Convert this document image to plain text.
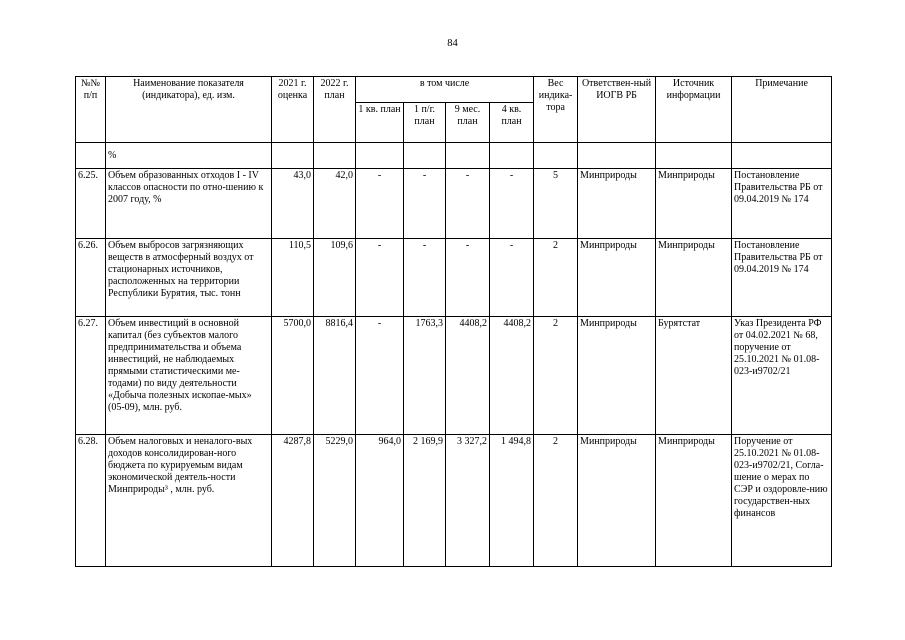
84
№№ п/п	Наименование показателя (индикатора), ед. изм.	2021 г. оценка	2022 г. план	в том числе				Вес индика-тора	Ответствен-ный ИОГВ РБ	Источник информации	Примечание
				1 кв. план	1 п/г. план	9 мес. план	4 кв. план				
	%										
6.25.	Объем образованных отходов I - IV классов опасности по отно-шению к 2007 году, %	43,0	42,0	-	-	-	-	5	Минприроды	Минприроды	Постановление Правительства РБ от 09.04.2019 № 174
6.26.	Объем выбросов загрязняющих веществ в атмосферный воздух от стационарных источников, расположенных на территории Республики Бурятия, тыс. тонн	110,5	109,6	-	-	-	-	2	Минприроды	Минприроды	Постановление Правительства РБ от 09.04.2019 № 174
6.27.	Объем инвестиций в основной капитал (без субъектов малого предпринимательства и объема инвестиций, не наблюдаемых прямыми статистическими ме-тодами) по виду деятельности «Добыча полезных ископае-мых» (05-09), млн. руб.	5700,0	8816,4	-	1763,3	4408,2	4408,2	2	Минприроды	Бурятстат	Указ Президента РФ от 04.02.2021 № 68, поручение от 25.10.2021 № 01.08-023-и9702/21
6.28.	Объем налоговых и неналого-вых доходов консолидирован-ного бюджета по курируемым видам экономической деятель-ности Минприроды³ , млн. руб.	4287,8	5229,0	964,0	2 169,9	3 327,2	1 494,8	2	Минприроды	Минприроды	Поручение от 25.10.2021 № 01.08-023-и9702/21, Согла-шение о мерах по СЭР и оздоровле-нию государствен-ных финансов
